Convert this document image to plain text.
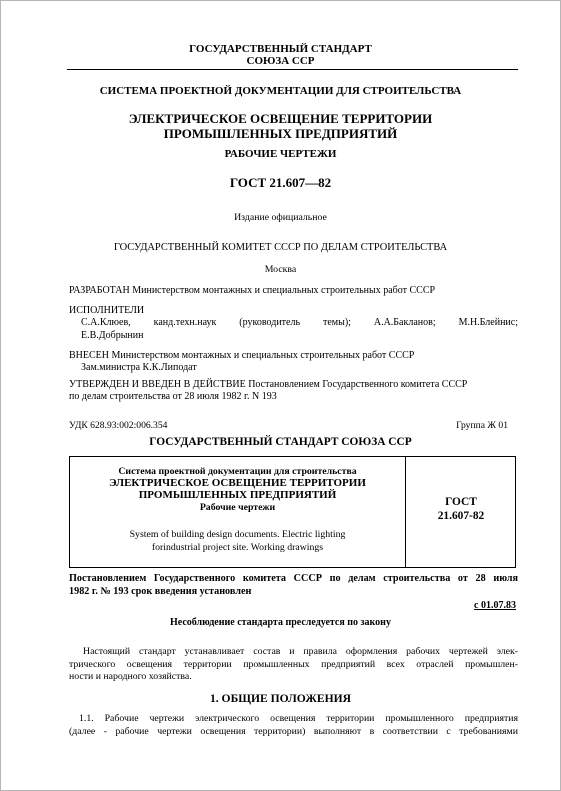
ГОСУДАРСТВЕННЫЙ СТАНДАРТ
СОЮЗА ССР
СИСТЕМА ПРОЕКТНОЙ ДОКУМЕНТАЦИИ ДЛЯ СТРОИТЕЛЬСТВА
ЭЛЕКТРИЧЕСКОЕ ОСВЕЩЕНИЕ ТЕРРИТОРИИ
ПРОМЫШЛЕННЫХ ПРЕДПРИЯТИЙ
РАБОЧИЕ ЧЕРТЕЖИ
ГОСТ 21.607—82
Издание официальное
ГОСУДАРСТВЕННЫЙ КОМИТЕТ СССР ПО ДЕЛАМ СТРОИТЕЛЬСТВА
Москва
РАЗРАБОТАН Министерством монтажных и специальных строительных работ СССР
ИСПОЛНИТЕЛИ
С.А.Клюев, канд.техн.наук (руководитель темы); А.А.Бакланов; М.Н.Блейнис;
Е.В.Добрынин
ВНЕСЕН Министерством монтажных и специальных строительных работ СССР
Зам.министра К.К.Липодат
УТВЕРЖДЕН И ВВЕДЕН В ДЕЙСТВИЕ Постановлением Государственного комитета СССР
по делам строительства от 28 июля 1982 г. N 193
УДК 628.93:002:006.354	Группа Ж 01
ГОСУДАРСТВЕННЫЙ СТАНДАРТ СОЮЗА ССР
Система проектной документации для строительства
ЭЛЕКТРИЧЕСКОЕ ОСВЕЩЕНИЕ ТЕРРИТОРИИ
ПРОМЫШЛЕННЫХ ПРЕДПРИЯТИЙ
Рабочие чертежи
System of building design documents. Electric lighting
forindustrial project site. Working drawings
ГОСТ
21.607-82
Постановлением Государственного комитета СССР по делам строительства от 28 июля
1982 г. № 193 срок введения установлен
с 01.07.83
Несоблюдение стандарта преследуется по закону
Настоящий стандарт устанавливает состав и правила оформления рабочих чертежей элек-
трического освещения территории промышленных предприятий всех отраслей промышлен-
ности и народного хозяйства.
1. ОБЩИЕ ПОЛОЖЕНИЯ
1.1. Рабочие чертежи электрического освещения территории промышленного предприятия
(далее - рабочие чертежи освещения территории) выполняют в соответствии с требованиями
